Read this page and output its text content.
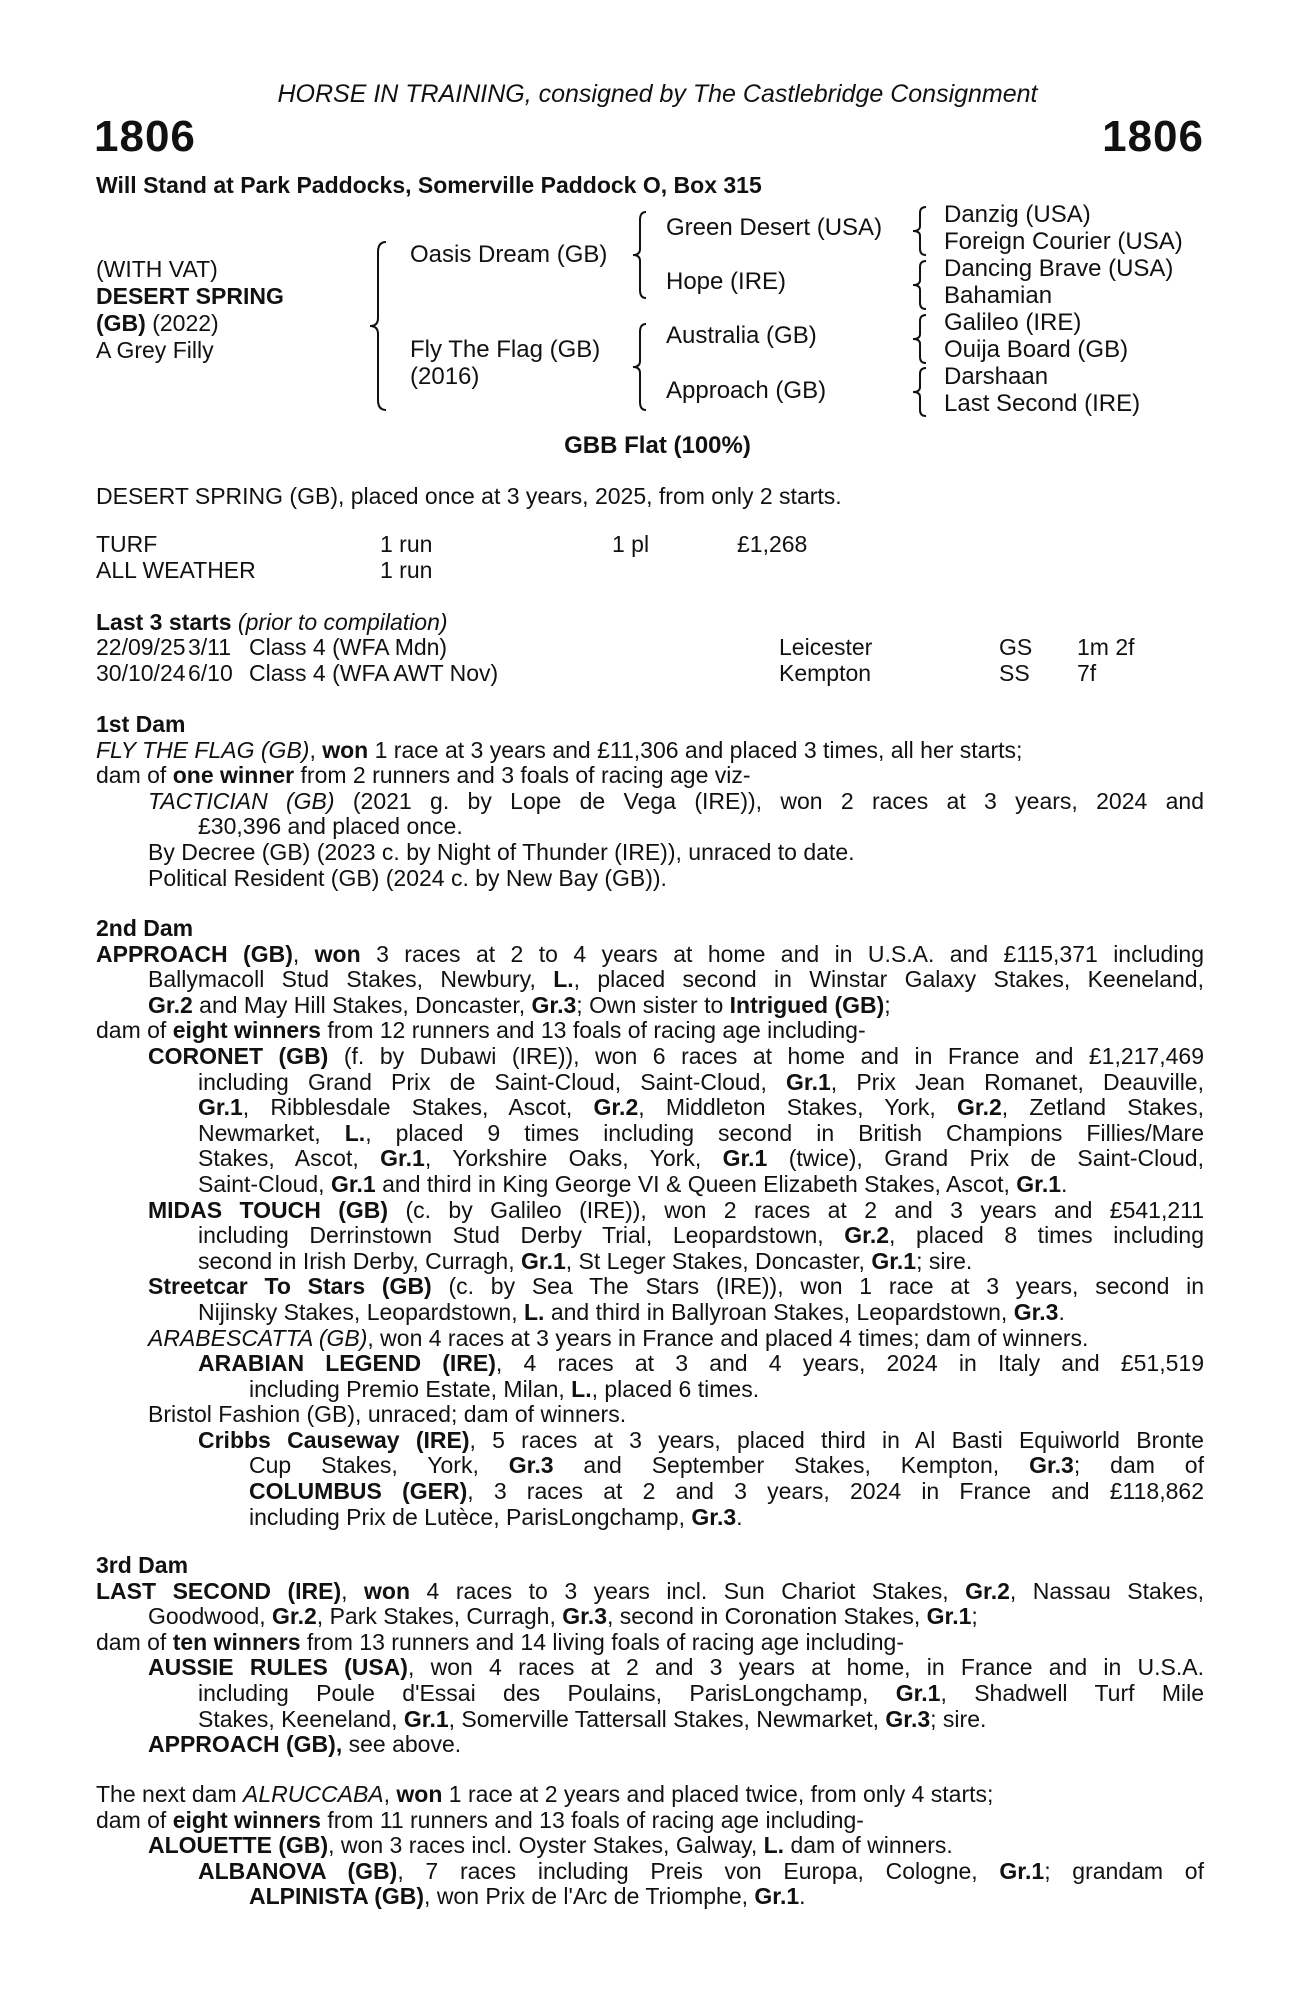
HORSE IN TRAINING, consigned by The Castlebridge Consignment
1806	1806
Will Stand at Park Paddocks, Somerville Paddock O, Box 315
(WITH VAT)
DESERT SPRING
(GB) (2022)
A Grey Filly
Oasis Dream (GB)
Fly The Flag (GB)
(2016)
Green Desert (USA)
Hope (IRE)
Australia (GB)
Approach (GB)
Danzig (USA)
Foreign Courier (USA)
Dancing Brave (USA)
Bahamian
Galileo (IRE)
Ouija Board (GB)
Darshaan
Last Second (IRE)
GBB Flat (100%)
DESERT SPRING (GB), placed once at 3 years, 2025, from only 2 starts.
TURF	1 run	1 pl	£1,268
ALL WEATHER	1 run		
Last 3 starts (prior to compilation)
22/09/25	3/11	Class 4 (WFA Mdn)	Leicester	GS	1m 2f
30/10/24	6/10	Class 4 (WFA AWT Nov)	Kempton	SS	7f
1st Dam
FLY THE FLAG (GB), won 1 race at 3 years and £11,306 and placed 3 times, all her starts;
dam of one winner from 2 runners and 3 foals of racing age viz-
TACTICIAN (GB) (2021 g. by Lope de Vega (IRE)), won 2 races at 3 years, 2024 and
£30,396 and placed once.
By Decree (GB) (2023 c. by Night of Thunder (IRE)), unraced to date.
Political Resident (GB) (2024 c. by New Bay (GB)).
2nd Dam
APPROACH (GB), won 3 races at 2 to 4 years at home and in U.S.A. and £115,371 including
Ballymacoll Stud Stakes, Newbury, L., placed second in Winstar Galaxy Stakes, Keeneland,
Gr.2 and May Hill Stakes, Doncaster, Gr.3; Own sister to Intrigued (GB);
dam of eight winners from 12 runners and 13 foals of racing age including-
CORONET (GB) (f. by Dubawi (IRE)), won 6 races at home and in France and £1,217,469
including Grand Prix de Saint-Cloud, Saint-Cloud, Gr.1, Prix Jean Romanet, Deauville,
Gr.1, Ribblesdale Stakes, Ascot, Gr.2, Middleton Stakes, York, Gr.2, Zetland Stakes,
Newmarket, L., placed 9 times including second in British Champions Fillies/Mare
Stakes, Ascot, Gr.1, Yorkshire Oaks, York, Gr.1 (twice), Grand Prix de Saint-Cloud,
Saint-Cloud, Gr.1 and third in King George VI & Queen Elizabeth Stakes, Ascot, Gr.1.
MIDAS TOUCH (GB) (c. by Galileo (IRE)), won 2 races at 2 and 3 years and £541,211
including Derrinstown Stud Derby Trial, Leopardstown, Gr.2, placed 8 times including
second in Irish Derby, Curragh, Gr.1, St Leger Stakes, Doncaster, Gr.1; sire.
Streetcar To Stars (GB) (c. by Sea The Stars (IRE)), won 1 race at 3 years, second in
Nijinsky Stakes, Leopardstown, L. and third in Ballyroan Stakes, Leopardstown, Gr.3.
ARABESCATTA (GB), won 4 races at 3 years in France and placed 4 times; dam of winners.
ARABIAN LEGEND (IRE), 4 races at 3 and 4 years, 2024 in Italy and £51,519
including Premio Estate, Milan, L., placed 6 times.
Bristol Fashion (GB), unraced; dam of winners.
Cribbs Causeway (IRE), 5 races at 3 years, placed third in Al Basti Equiworld Bronte
Cup Stakes, York, Gr.3 and September Stakes, Kempton, Gr.3; dam of
COLUMBUS (GER), 3 races at 2 and 3 years, 2024 in France and £118,862
including Prix de Lutèce, ParisLongchamp, Gr.3.
3rd Dam
LAST SECOND (IRE), won 4 races to 3 years incl. Sun Chariot Stakes, Gr.2, Nassau Stakes,
Goodwood, Gr.2, Park Stakes, Curragh, Gr.3, second in Coronation Stakes, Gr.1;
dam of ten winners from 13 runners and 14 living foals of racing age including-
AUSSIE RULES (USA), won 4 races at 2 and 3 years at home, in France and in U.S.A.
including Poule d'Essai des Poulains, ParisLongchamp, Gr.1, Shadwell Turf Mile
Stakes, Keeneland, Gr.1, Somerville Tattersall Stakes, Newmarket, Gr.3; sire.
APPROACH (GB), see above.
The next dam ALRUCCABA, won 1 race at 2 years and placed twice, from only 4 starts;
dam of eight winners from 11 runners and 13 foals of racing age including-
ALOUETTE (GB), won 3 races incl. Oyster Stakes, Galway, L. dam of winners.
ALBANOVA (GB), 7 races including Preis von Europa, Cologne, Gr.1; grandam of
ALPINISTA (GB), won Prix de l'Arc de Triomphe, Gr.1.
